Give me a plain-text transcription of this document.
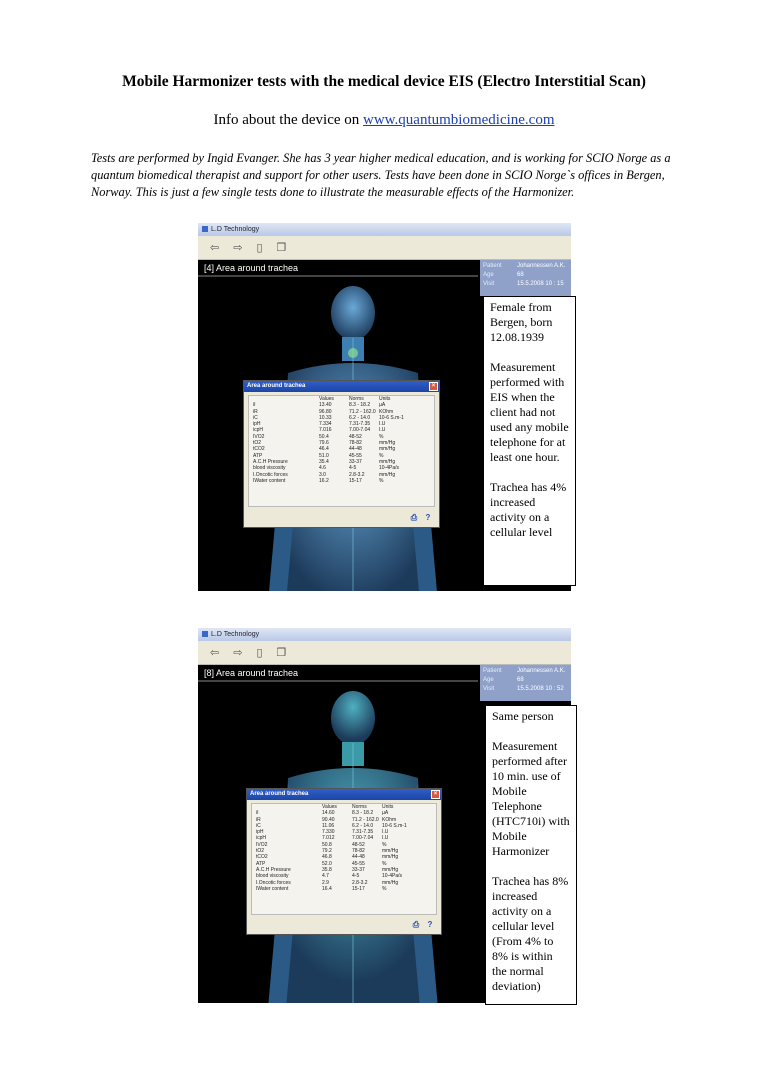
Mobile Harmonizer tests with the medical device EIS (Electro Interstitial Scan)
Info about the device on www.quantumbiomedicine.com
Tests are performed by Ingid Evanger. She has 3 year higher medical education, and is working for SCIO Norge as a quantum biomedical therapist and support for other users. Tests have been done in SCIO Norge`s offices in Bergen, Norway. This is just a few single tests done to illustrate the measurable effects of the Harmonizer.
L.D Technology
⇦ ⇨ ▯ ❐
[4] Area around trachea	Patient	Johannessen A.K.
Age	68
Visit	15.5.2008 10 : 15
Area around trachea	×
	Values	Norms	Units
iI	13.40	8.3 - 18.2	µA
iR	96.80	71.2 - 162.0	KOhm
iC	10.33	6.2 - 14.0	10-6 S.m-1
ipH	7.334	7.31-7.35	I.U
icpH	7.016	7.00-7.04	I.U
IVO2	50.4	48-52	%
tO2	79.6	78-82	mm/Hg
tCO2	46.4	44-48	mm/Hg
ATP	51.0	45-55	%
A.C.H Pressure	35.4	33-37	mm/Hg
blood viscosity	4.6	4-5	10-4Pa/s
I.Oncotic forces	3.0	2.8-3.2	mm/Hg
IWater content	16.2	15-17	%
⎙	?

Female from Bergen, born 12.08.1939

Measurement performed with EIS when the client had not used any mobile telephone for at least one hour.

Trachea has 4% increased activity on a cellular level

L.D Technology
⇦ ⇨ ▯ ❐
[8] Area around trachea	Patient	Johannessen A.K.
Age	68
Visit	15.5.2008 10 : 52
Area around trachea	×
	Values	Norms	Units
iI	14.60	8.3 - 18.2	µA
iR	90.40	71.2 - 162.0	KOhm
iC	11.06	6.2 - 14.0	10-6 S.m-1
ipH	7.330	7.31-7.35	I.U
icpH	7.012	7.00-7.04	I.U
IVO2	50.8	48-52	%
tO2	79.2	78-82	mm/Hg
tCO2	46.8	44-48	mm/Hg
ATP	52.0	45-55	%
A.C.H Pressure	35.8	33-37	mm/Hg
blood viscosity	4.7	4-5	10-4Pa/s
I.Oncotic forces	2.9	2.8-3.2	mm/Hg
IWater content	16.4	15-17	%
⎙	?

Same person

Measurement performed after 10 min. use of Mobile Telephone (HTC710i) with Mobile Harmonizer

Trachea has 8% increased activity on a cellular level (From 4% to 8% is within the normal deviation)
